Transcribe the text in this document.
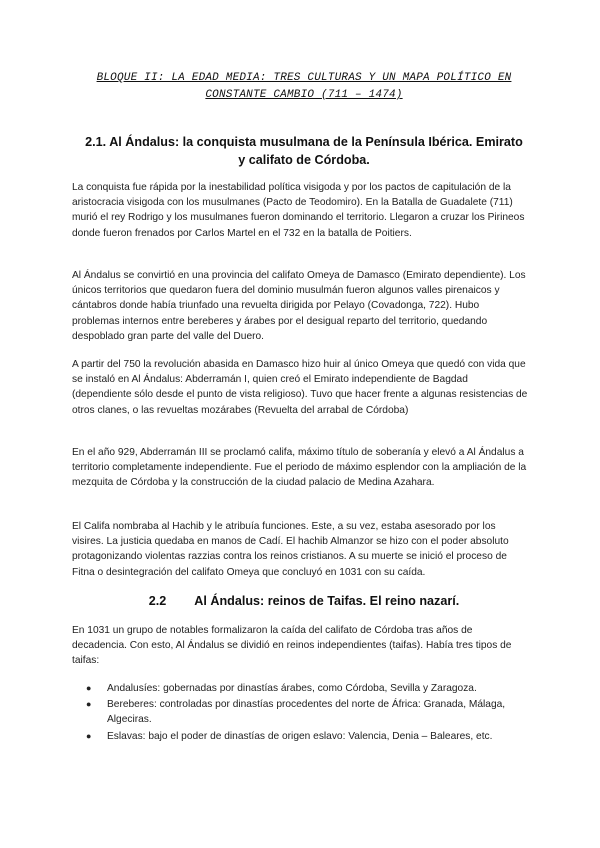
BLOQUE II: LA EDAD MEDIA: TRES CULTURAS Y UN MAPA POLÍTICO EN CONSTANTE CAMBIO (711 – 1474)
2.1. Al Ándalus: la conquista musulmana de la Península Ibérica. Emirato y califato de Córdoba.

La conquista fue rápida por la inestabilidad política visigoda y por los pactos de capitulación de la aristocracia visigoda con los musulmanes (Pacto de Teodomiro). En la Batalla de Guadalete (711) murió el rey Rodrigo y los musulmanes fueron dominando el territorio. Llegaron a cruzar los Pirineos donde fueron frenados por Carlos Martel en el 732 en la batalla de Poitiers.

Al Ándalus se convirtió en una provincia del califato Omeya de Damasco (Emirato dependiente). Los únicos territorios que quedaron fuera del dominio musulmán fueron algunos valles pirenaicos y cántabros donde había triunfado una revuelta dirigida por Pelayo (Covadonga, 722). Hubo problemas internos entre bereberes y árabes por el desigual reparto del territorio, quedando despoblado gran parte del valle del Duero.

A partir del 750 la revolución abasida en Damasco hizo huir al único Omeya que quedó con vida que se instaló en Al Ándalus: Abderramán I, quien creó el Emirato independiente de Bagdad (dependiente sólo desde el punto de vista religioso). Tuvo que hacer frente a algunas resistencias de otros clanes, o las revueltas mozárabes (Revuelta del arrabal de Córdoba)

En el año 929, Abderramán III se proclamó califa, máximo título de soberanía y elevó a Al Ándalus a territorio completamente independiente. Fue el periodo de máximo esplendor con la ampliación de la mezquita de Córdoba y la construcción de la ciudad palacio de Medina Azahara.

El Califa nombraba al Hachib y le atribuía funciones. Este, a su vez, estaba asesorado por los visires. La justicia quedaba en manos de Cadí. El hachib Almanzor se hizo con el poder absoluto protagonizando violentas razzias contra los reinos cristianos. A su muerte se inició el proceso de Fitna o desintegración del califato Omeya que concluyó en 1031 con su caída.

2.2 Al Ándalus: reinos de Taifas. El reino nazarí.

En 1031 un grupo de notables formalizaron la caída del califato de Córdoba tras años de decadencia. Con esto, Al Ándalus se dividió en reinos independientes (taifas). Había tres tipos de taifas:

● Andalusíes: gobernadas por dinastías árabes, como Córdoba, Sevilla y Zaragoza.
● Bereberes: controladas por dinastías procedentes del norte de África: Granada, Málaga, Algeciras.
● Eslavas: bajo el poder de dinastías de origen eslavo: Valencia, Denia – Baleares, etc.
